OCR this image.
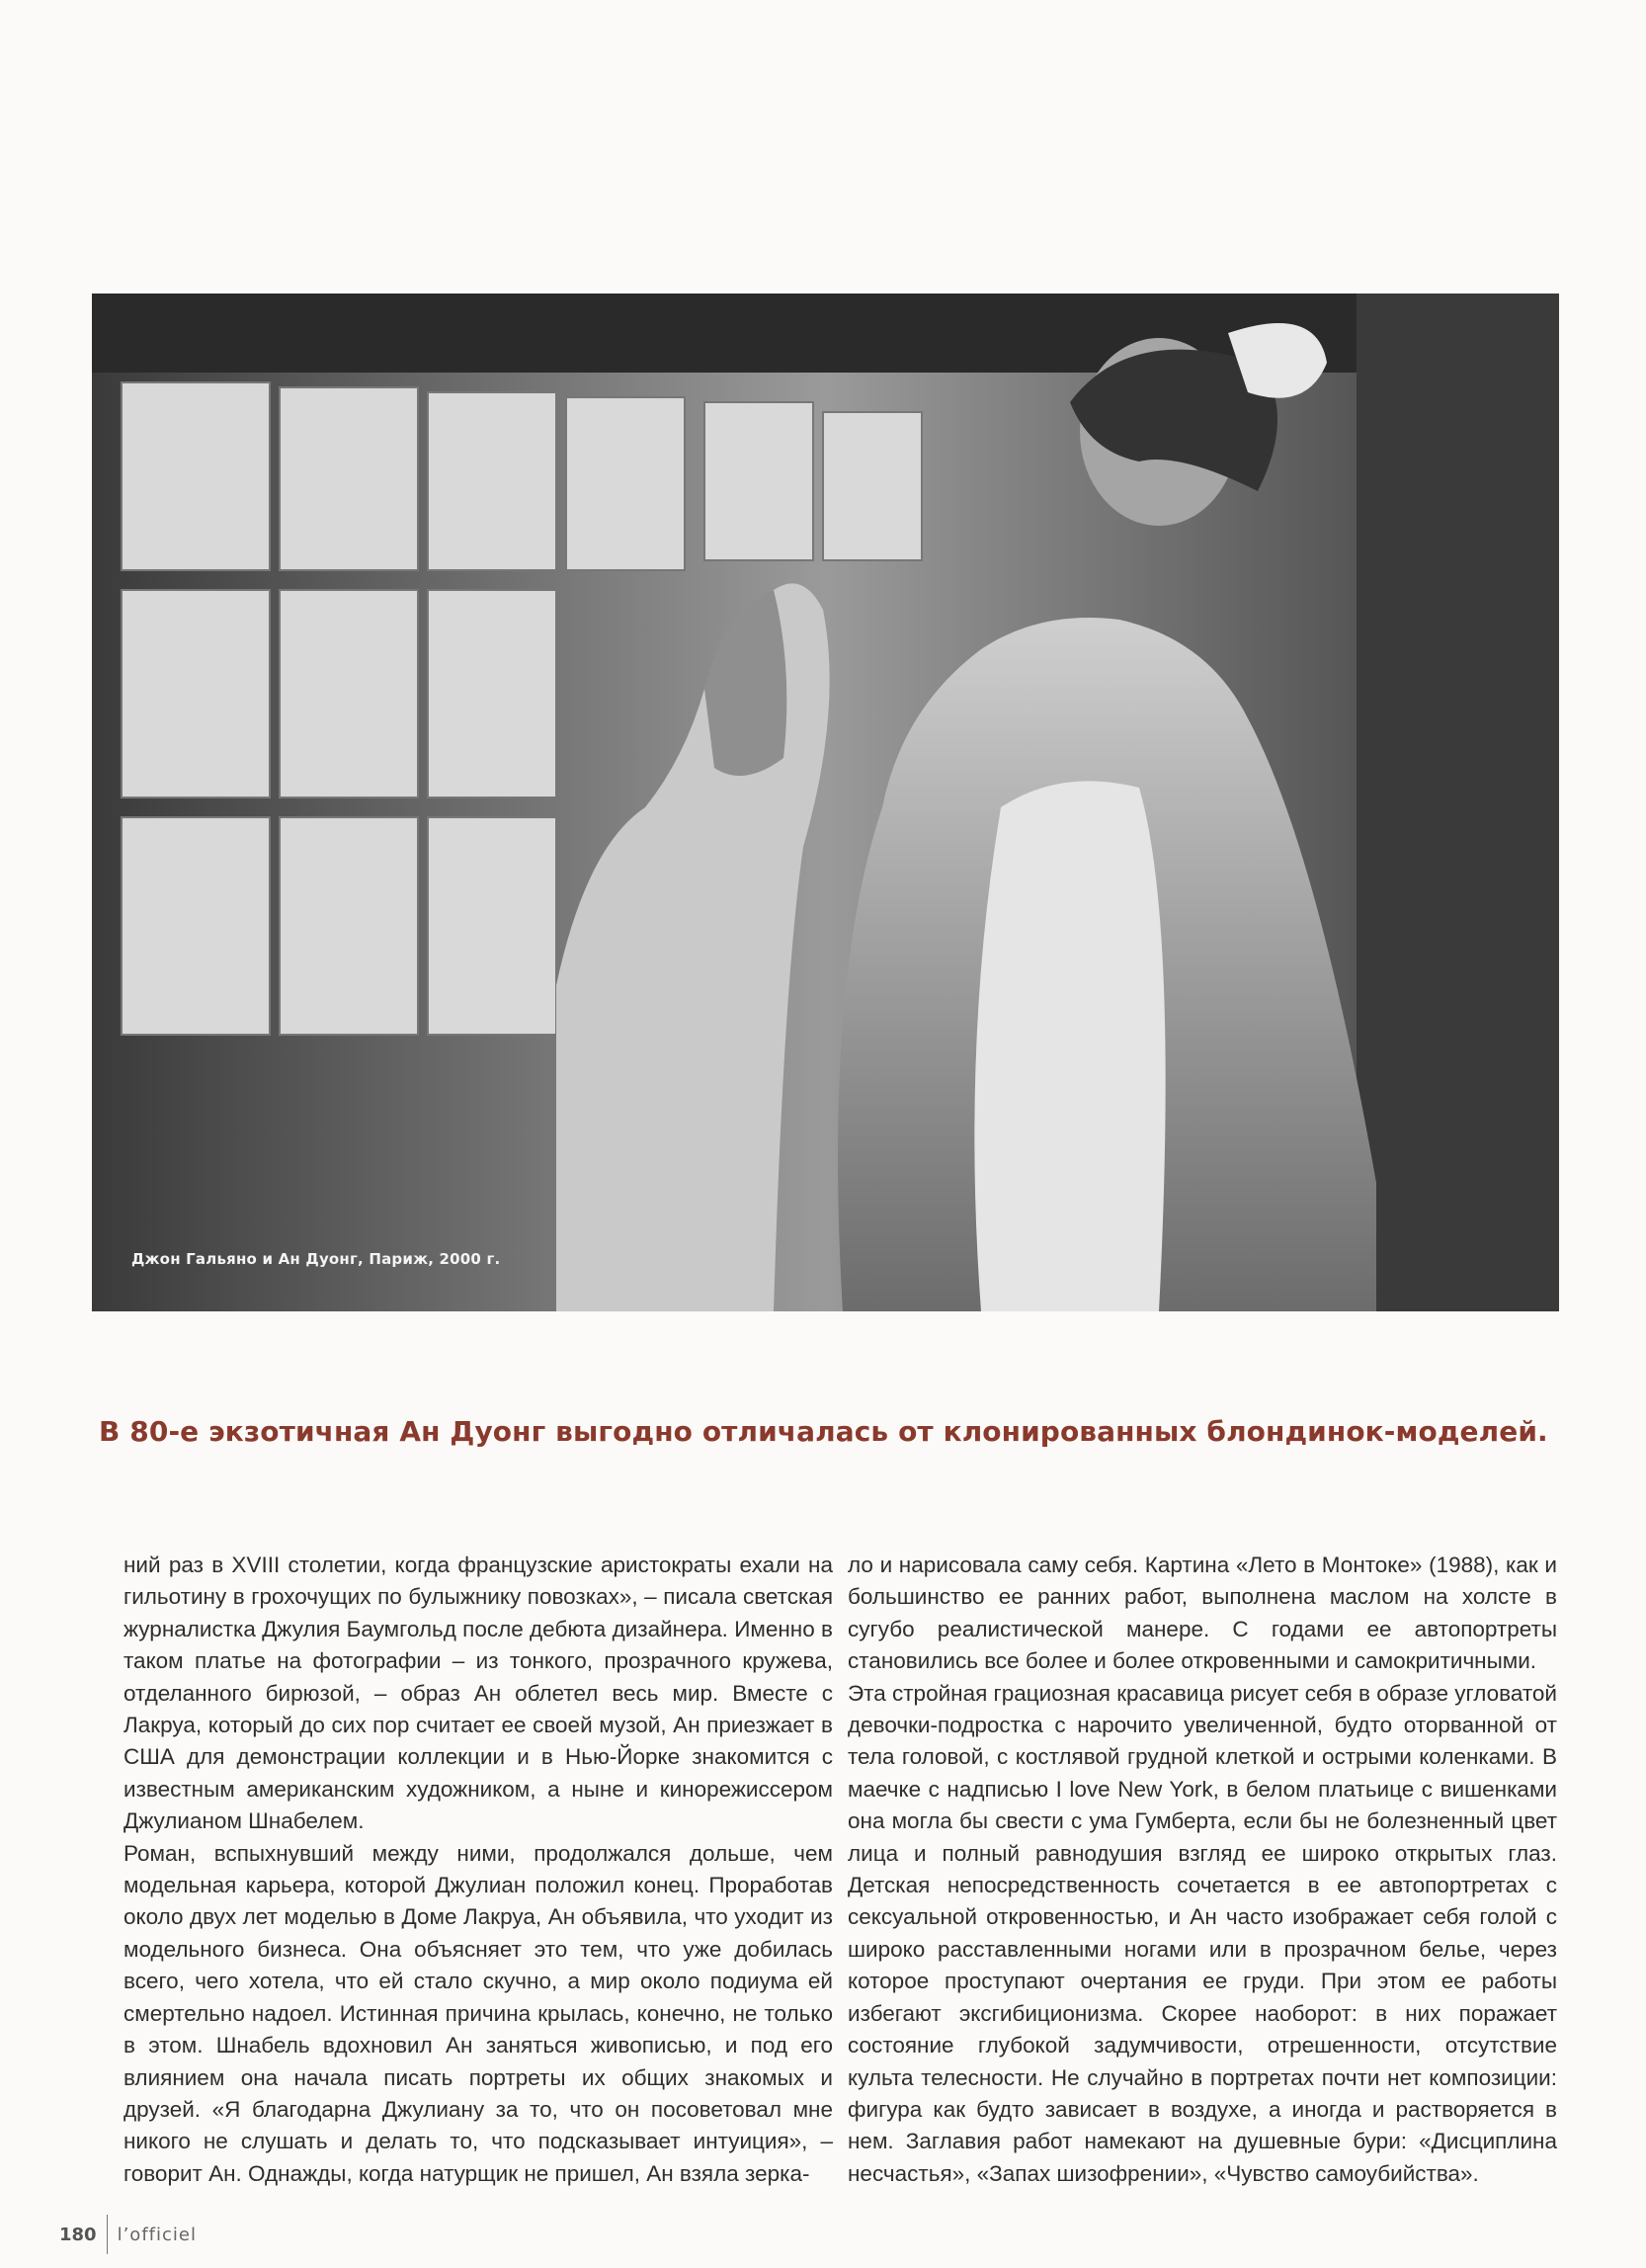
Джон Гальяно и Ан Дуонг, Париж, 2000 г.
В 80-е экзотичная Ан Дуонг выгодно отличалась от клонированных блондинок-моделей.

ний раз в XVIII столетии, когда французские аристократы ехали на гильотину в грохочущих по булыжнику повозках», – писала светская журналистка Джулия Баумгольд после дебюта дизайнера. Именно в таком платье на фотографии – из тонкого, прозрачного кружева, отделанного бирюзой, – образ Ан облетел весь мир. Вместе с Лакруа, который до сих пор считает ее своей музой, Ан приезжает в США для демонстрации коллекции и в Нью-Йорке знакомится с известным американским художником, а ныне и кинорежиссером Джулианом Шнабелем.

Роман, вспыхнувший между ними, продолжался дольше, чем модельная карьера, которой Джулиан положил конец. Проработав около двух лет моделью в Доме Лакруа, Ан объявила, что уходит из модельного бизнеса. Она объясняет это тем, что уже добилась всего, чего хотела, что ей стало скучно, а мир около подиума ей смертельно надоел. Истинная причина крылась, конечно, не только в этом. Шнабель вдохновил Ан заняться живописью, и под его влиянием она начала писать портреты их общих знакомых и друзей. «Я благодарна Джулиану за то, что он посоветовал мне никого не слушать и делать то, что подсказывает интуиция», – говорит Ан. Однажды, когда натурщик не пришел, Ан взяла зерка-

ло и нарисовала саму себя. Картина «Лето в Монтоке» (1988), как и большинство ее ранних работ, выполнена маслом на холсте в сугубо реалистической манере. С годами ее автопортреты становились все более и более откровенными и самокритичными.

Эта стройная грациозная красавица рисует себя в образе угловатой девочки-подростка с нарочито увеличенной, будто оторванной от тела головой, с костлявой грудной клеткой и острыми коленками. В маечке с надписью I love New York, в белом платьице с вишенками она могла бы свести с ума Гумберта, если бы не болезненный цвет лица и полный равнодушия взгляд ее широко открытых глаз. Детская непосредственность сочетается в ее автопортретах с сексуальной откровенностью, и Ан часто изображает себя голой с широко расставленными ногами или в прозрачном белье, через которое проступают очертания ее груди. При этом ее работы избегают эксгибиционизма. Скорее наоборот: в них поражает состояние глубокой задумчивости, отрешенности, отсутствие культа телесности. Не случайно в портретах почти нет композиции: фигура как будто зависает в воздухе, а иногда и растворяется в нем. Заглавия работ намекают на душевные бури: «Дисциплина несчастья», «Запах шизофрении», «Чувство самоубийства».

180	l’officiel
